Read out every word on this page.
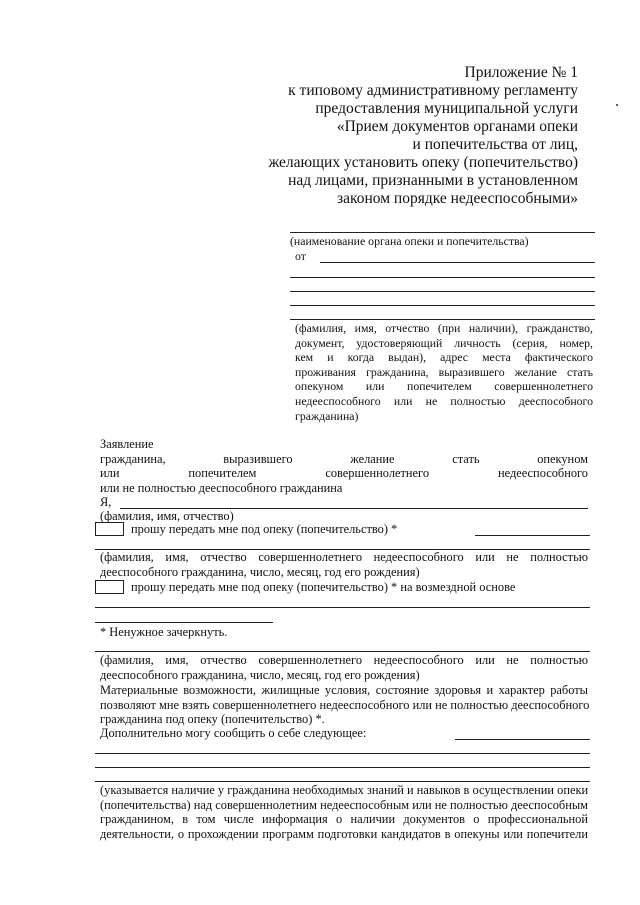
Приложение № 1
к типовому административному регламенту
предоставления муниципальной услуги
«Прием документов органами опеки
и попечительства от лиц,
желающих установить опеку (попечительство)
над лицами, признанными в установленном
законом порядке недееспособными»
(наименование органа опеки и попечительства)
от
(фамилия, имя, отчество (при наличии), гражданство,
документ, удостоверяющий личность (серия, номер,
кем и когда выдан), адрес места фактического
проживания гражданина, выразившего желание стать
опекуном или попечителем совершеннолетнего
недееспособного или не полностью дееспособного
гражданина)
Заявление
гражданина, выразившего желание стать опекуном
или попечителем совершеннолетнего недееспособного
или не полностью дееспособного гражданина
Я,
(фамилия, имя, отчество)
прошу передать мне под опеку (попечительство) *
(фамилия, имя, отчество совершеннолетнего недееспособного или не полностью
дееспособного гражданина, число, месяц, год его рождения)
прошу передать мне под опеку (попечительство) * на возмездной основе
* Ненужное зачеркнуть.
(фамилия, имя, отчество совершеннолетнего недееспособного или не полностью
дееспособного гражданина, число, месяц, год его рождения)
Материальные возможности, жилищные условия, состояние здоровья и характер работы
позволяют мне взять совершеннолетнего недееспособного или не полностью дееспособного
гражданина под опеку (попечительство) *.
Дополнительно могу сообщить о себе следующее:
(указывается наличие у гражданина необходимых знаний и навыков в осуществлении опеки
(попечительства) над совершеннолетним недееспособным или не полностью дееспособным
гражданином, в том числе информация о наличии документов о профессиональной
деятельности, о прохождении программ подготовки кандидатов в опекуны или попечители
